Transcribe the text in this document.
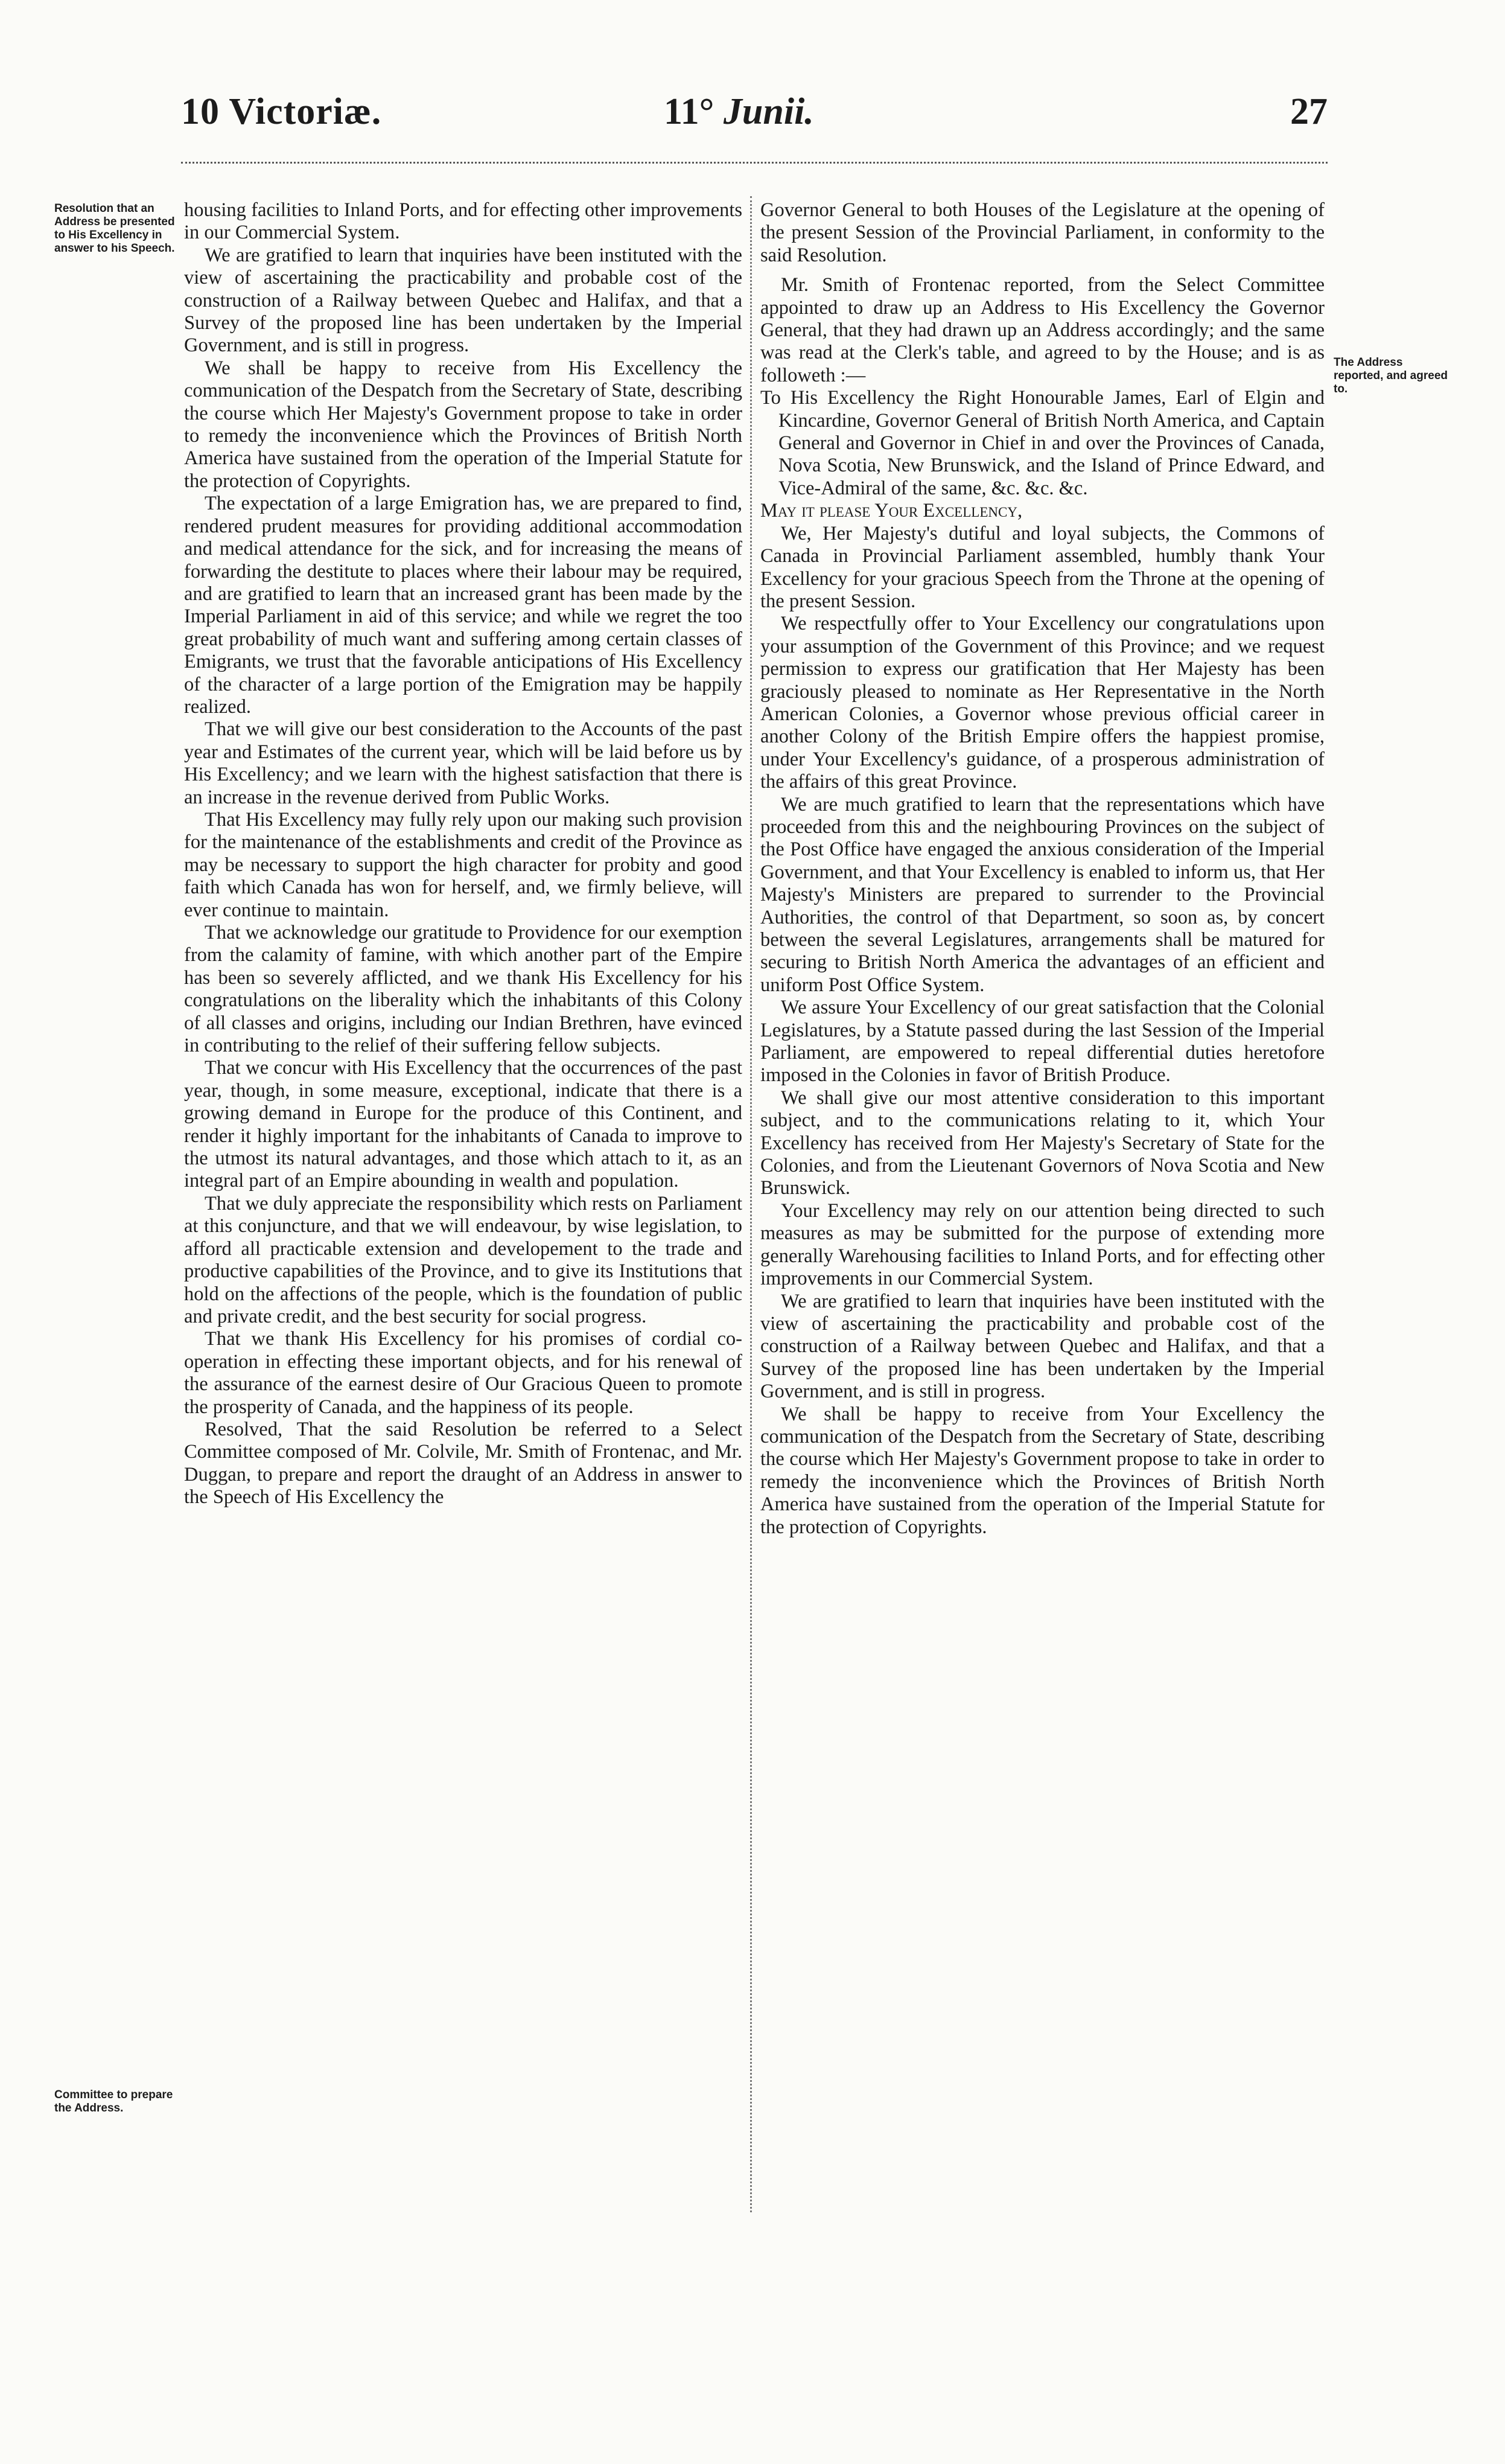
10 Victoriæ.	11° Junii.	27
Resolution that an Address be presented to His Excellency in answer to his Speech.
Committee to prepare the Address.
The Address reported, and agreed to.

housing facilities to Inland Ports, and for effecting other improvements in our Commercial System.

We are gratified to learn that inquiries have been instituted with the view of ascertaining the practicability and probable cost of the construction of a Railway between Quebec and Halifax, and that a Survey of the proposed line has been undertaken by the Imperial Government, and is still in progress.

We shall be happy to receive from His Excellency the communication of the Despatch from the Secretary of State, describing the course which Her Majesty's Government propose to take in order to remedy the inconvenience which the Provinces of British North America have sustained from the operation of the Imperial Statute for the protection of Copyrights.

The expectation of a large Emigration has, we are prepared to find, rendered prudent measures for providing additional accommodation and medical attendance for the sick, and for increasing the means of forwarding the destitute to places where their labour may be required, and are gratified to learn that an increased grant has been made by the Imperial Parliament in aid of this service; and while we regret the too great probability of much want and suffering among certain classes of Emigrants, we trust that the favorable anticipations of His Excellency of the character of a large portion of the Emigration may be happily realized.

That we will give our best consideration to the Accounts of the past year and Estimates of the current year, which will be laid before us by His Excellency; and we learn with the highest satisfaction that there is an increase in the revenue derived from Public Works.

That His Excellency may fully rely upon our making such provision for the maintenance of the establishments and credit of the Province as may be necessary to support the high character for probity and good faith which Canada has won for herself, and, we firmly believe, will ever continue to maintain.

That we acknowledge our gratitude to Providence for our exemption from the calamity of famine, with which another part of the Empire has been so severely afflicted, and we thank His Excellency for his congratulations on the liberality which the inhabitants of this Colony of all classes and origins, including our Indian Brethren, have evinced in contributing to the relief of their suffering fellow subjects.

That we concur with His Excellency that the occurrences of the past year, though, in some measure, exceptional, indicate that there is a growing demand in Europe for the produce of this Continent, and render it highly important for the inhabitants of Canada to improve to the utmost its natural advantages, and those which attach to it, as an integral part of an Empire abounding in wealth and population.

That we duly appreciate the responsibility which rests on Parliament at this conjuncture, and that we will endeavour, by wise legislation, to afford all practicable extension and developement to the trade and productive capabilities of the Province, and to give its Institutions that hold on the affections of the people, which is the foundation of public and private credit, and the best security for social progress.

That we thank His Excellency for his promises of cordial co-operation in effecting these important objects, and for his renewal of the assurance of the earnest desire of Our Gracious Queen to promote the prosperity of Canada, and the happiness of its people.

Resolved, That the said Resolution be referred to a Select Committee composed of Mr. Colvile, Mr. Smith of Frontenac, and Mr. Duggan, to prepare and report the draught of an Address in answer to the Speech of His Excellency the

Governor General to both Houses of the Legislature at the opening of the present Session of the Provincial Parliament, in conformity to the said Resolution.

Mr. Smith of Frontenac reported, from the Select Committee appointed to draw up an Address to His Excellency the Governor General, that they had drawn up an Address accordingly; and the same was read at the Clerk's table, and agreed to by the House; and is as followeth :—

To His Excellency the Right Honourable James, Earl of Elgin and Kincardine, Governor General of British North America, and Captain General and Governor in Chief in and over the Provinces of Canada, Nova Scotia, New Brunswick, and the Island of Prince Edward, and Vice-Admiral of the same, &c. &c. &c.

May it please Your Excellency,

We, Her Majesty's dutiful and loyal subjects, the Commons of Canada in Provincial Parliament assembled, humbly thank Your Excellency for your gracious Speech from the Throne at the opening of the present Session.

We respectfully offer to Your Excellency our congratulations upon your assumption of the Government of this Province; and we request permission to express our gratification that Her Majesty has been graciously pleased to nominate as Her Representative in the North American Colonies, a Governor whose previous official career in another Colony of the British Empire offers the happiest promise, under Your Excellency's guidance, of a prosperous administration of the affairs of this great Province.

We are much gratified to learn that the representations which have proceeded from this and the neighbouring Provinces on the subject of the Post Office have engaged the anxious consideration of the Imperial Government, and that Your Excellency is enabled to inform us, that Her Majesty's Ministers are prepared to surrender to the Provincial Authorities, the control of that Department, so soon as, by concert between the several Legislatures, arrangements shall be matured for securing to British North America the advantages of an efficient and uniform Post Office System.

We assure Your Excellency of our great satisfaction that the Colonial Legislatures, by a Statute passed during the last Session of the Imperial Parliament, are empowered to repeal differential duties heretofore imposed in the Colonies in favor of British Produce.

We shall give our most attentive consideration to this important subject, and to the communications relating to it, which Your Excellency has received from Her Majesty's Secretary of State for the Colonies, and from the Lieutenant Governors of Nova Scotia and New Brunswick.

Your Excellency may rely on our attention being directed to such measures as may be submitted for the purpose of extending more generally Warehousing facilities to Inland Ports, and for effecting other improvements in our Commercial System.

We are gratified to learn that inquiries have been instituted with the view of ascertaining the practicability and probable cost of the construction of a Railway between Quebec and Halifax, and that a Survey of the proposed line has been undertaken by the Imperial Government, and is still in progress.

We shall be happy to receive from Your Excellency the communication of the Despatch from the Secretary of State, describing the course which Her Majesty's Government propose to take in order to remedy the inconvenience which the Provinces of British North America have sustained from the operation of the Imperial Statute for the protection of Copyrights.
